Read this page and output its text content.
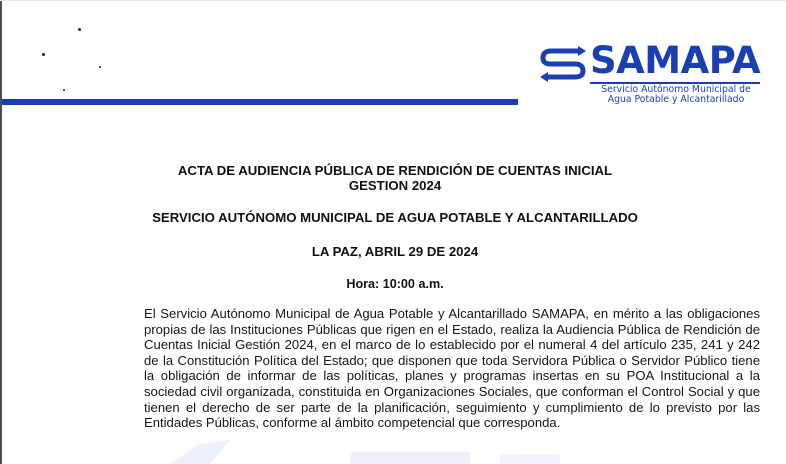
SAMAPA
Servicio Autónomo Municipal de
Agua Potable y Alcantarillado
ACTA DE AUDIENCIA PÚBLICA DE RENDICIÓN DE CUENTAS INICIAL
GESTION 2024
SERVICIO AUTÓNOMO MUNICIPAL DE AGUA POTABLE Y ALCANTARILLADO
LA PAZ, ABRIL 29 DE 2024
Hora: 10:00 a.m.

El Servicio Autónomo Municipal de Agua Potable y Alcantarillado SAMAPA, en mérito a las obligaciones propias de las Instituciones Públicas que rigen en el Estado, realiza la Audiencia Pública de Rendición de Cuentas Inicial Gestión 2024, en el marco de lo establecido por el numeral 4 del artículo 235, 241 y 242 de la Constitución Política del Estado; que disponen que toda Servidora Pública o Servidor Público tiene la obligación de informar de las políticas, planes y programas insertas en su POA Institucional a la sociedad civil organizada, constituida en Organizaciones Sociales, que conforman el Control Social y que tienen el derecho de ser parte de la planificación, seguimiento y cumplimiento de lo previsto por las Entidades Públicas, conforme al ámbito competencial que corresponda.
